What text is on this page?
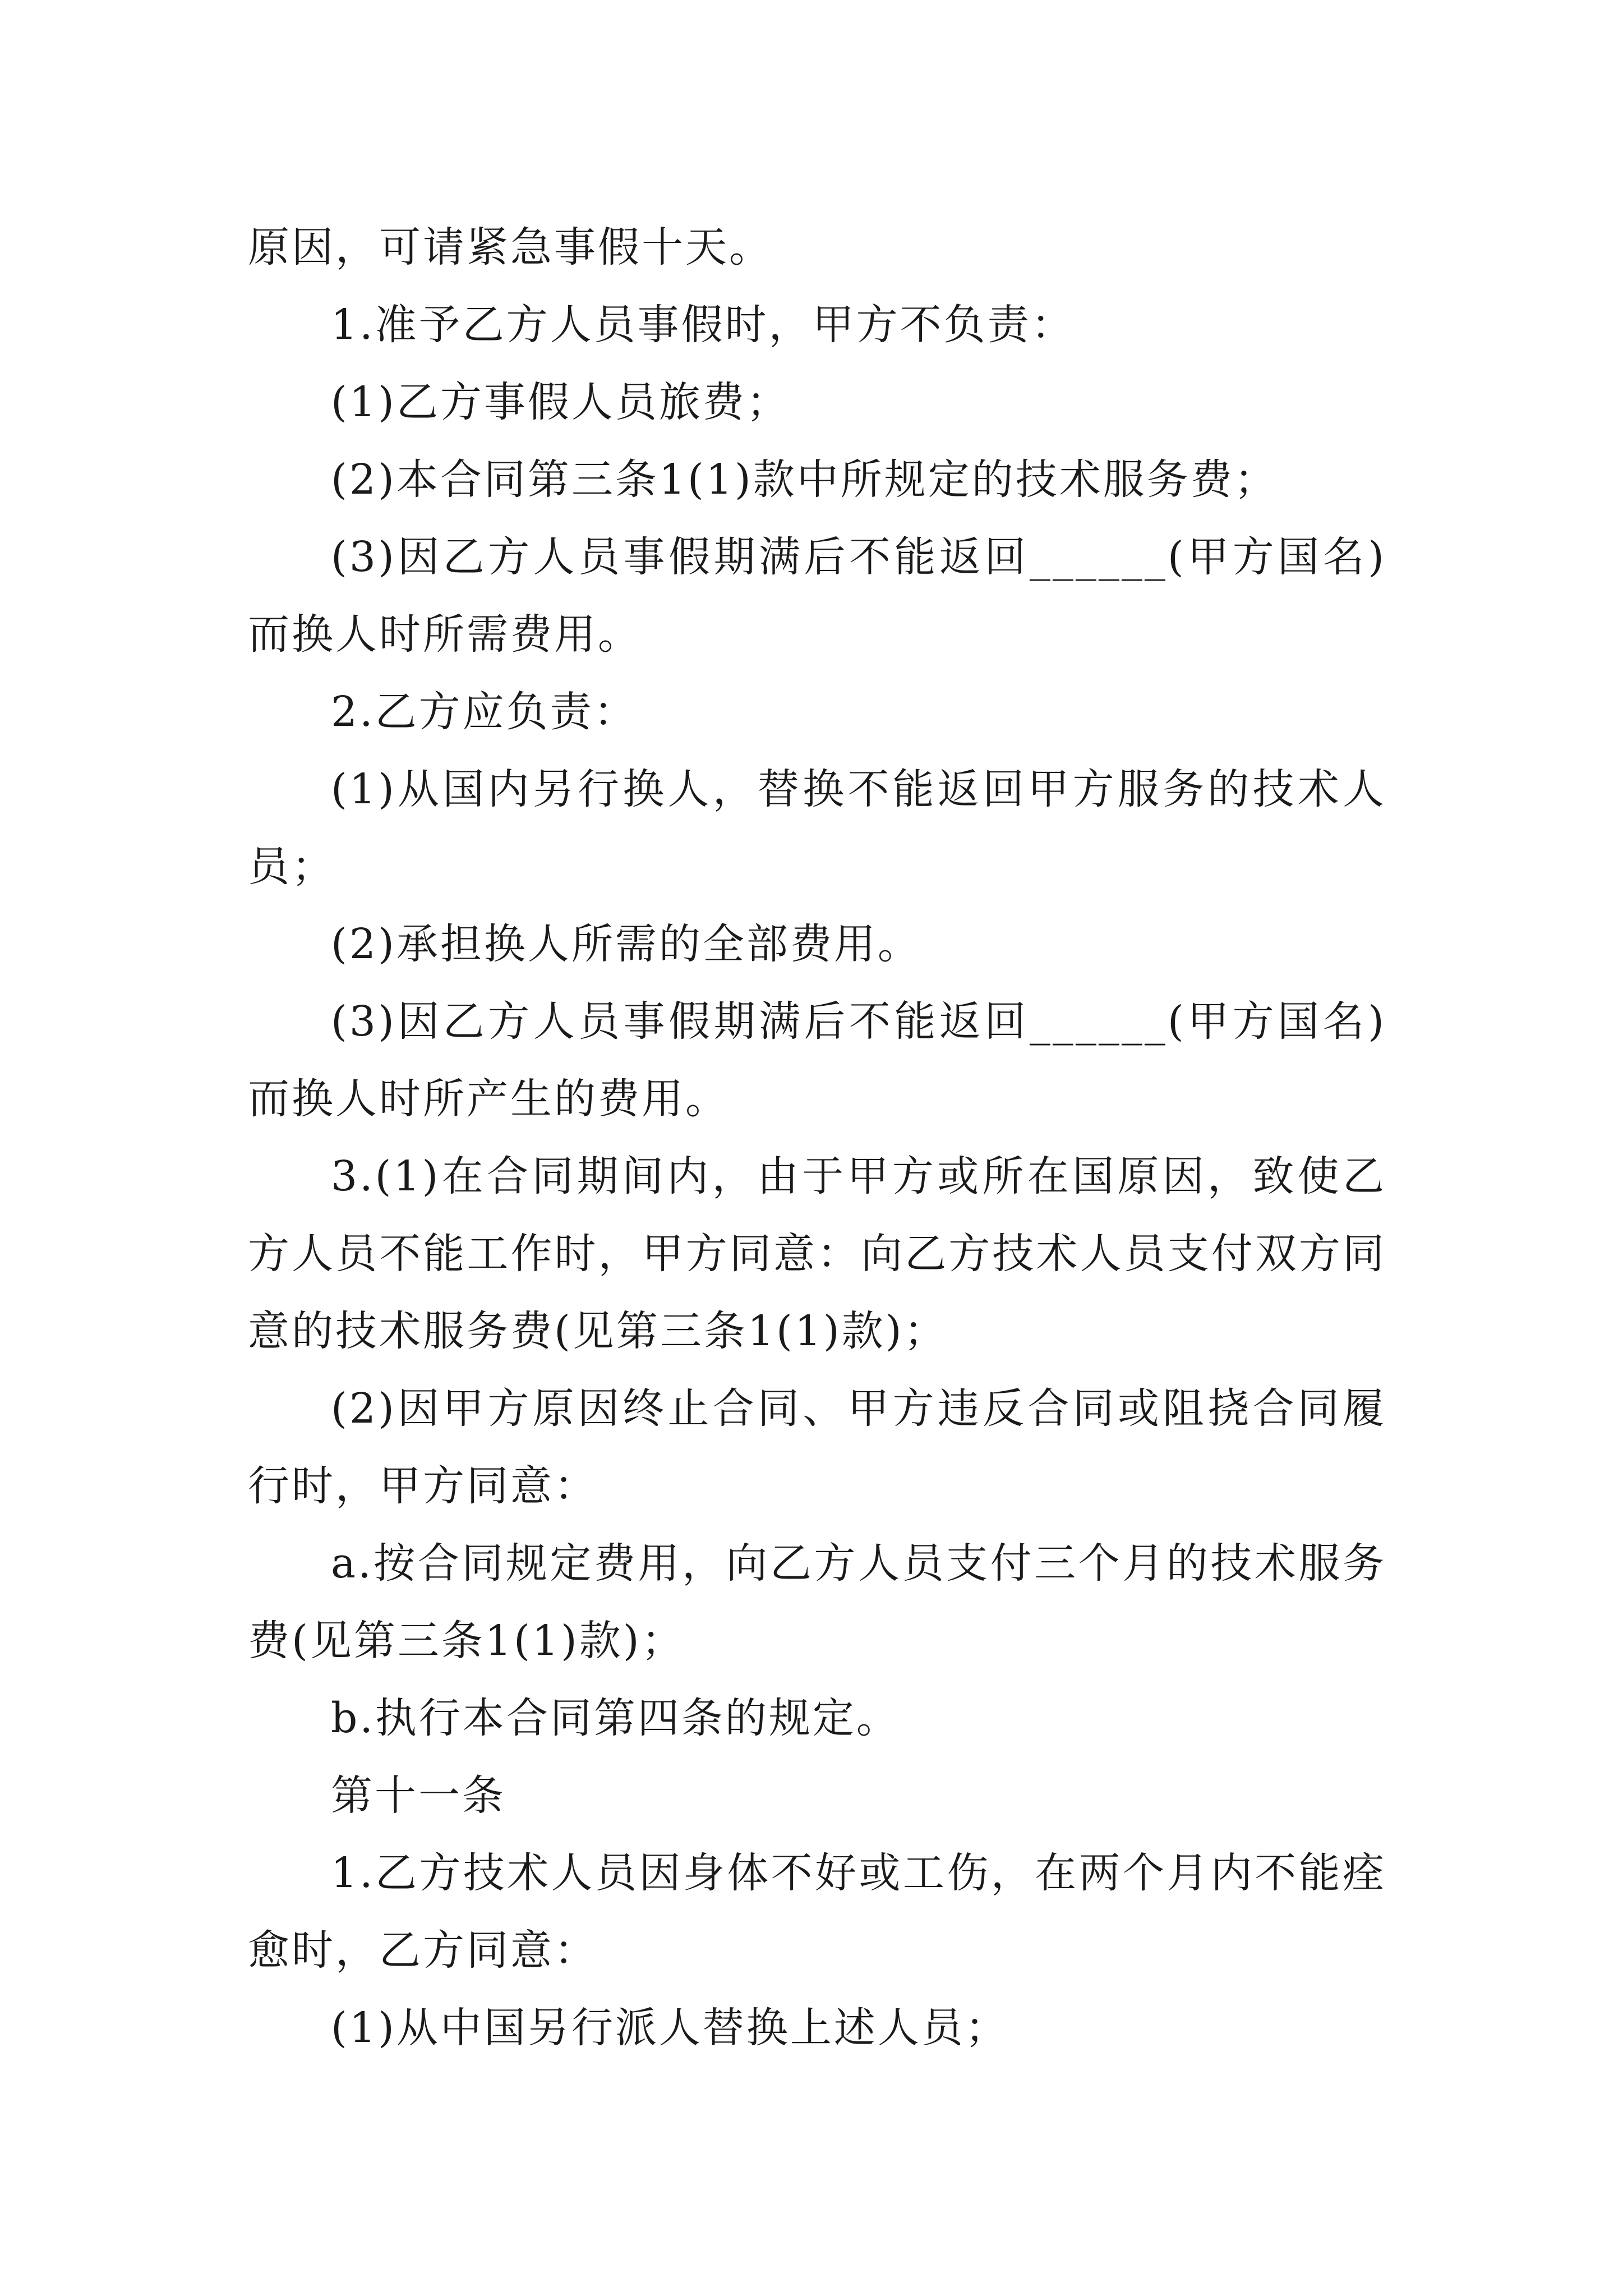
原因，可请紧急事假十天。

1.准予乙方人员事假时，甲方不负责：

(1)乙方事假人员旅费；

(2)本合同第三条1(1)款中所规定的技术服务费；

(3)因乙方人员事假期满后不能返回______(甲方国名)而换人时所需费用。

2.乙方应负责：

(1)从国内另行换人，替换不能返回甲方服务的技术人员；

(2)承担换人所需的全部费用。

(3)因乙方人员事假期满后不能返回______(甲方国名)而换人时所产生的费用。

3.(1)在合同期间内，由于甲方或所在国原因，致使乙方人员不能工作时，甲方同意：向乙方技术人员支付双方同意的技术服务费(见第三条1(1)款)；

(2)因甲方原因终止合同、甲方违反合同或阻挠合同履行时，甲方同意：

a.按合同规定费用，向乙方人员支付三个月的技术服务费(见第三条1(1)款)；

b.执行本合同第四条的规定。

第十一条

1.乙方技术人员因身体不好或工伤，在两个月内不能痊愈时，乙方同意：

(1)从中国另行派人替换上述人员；
